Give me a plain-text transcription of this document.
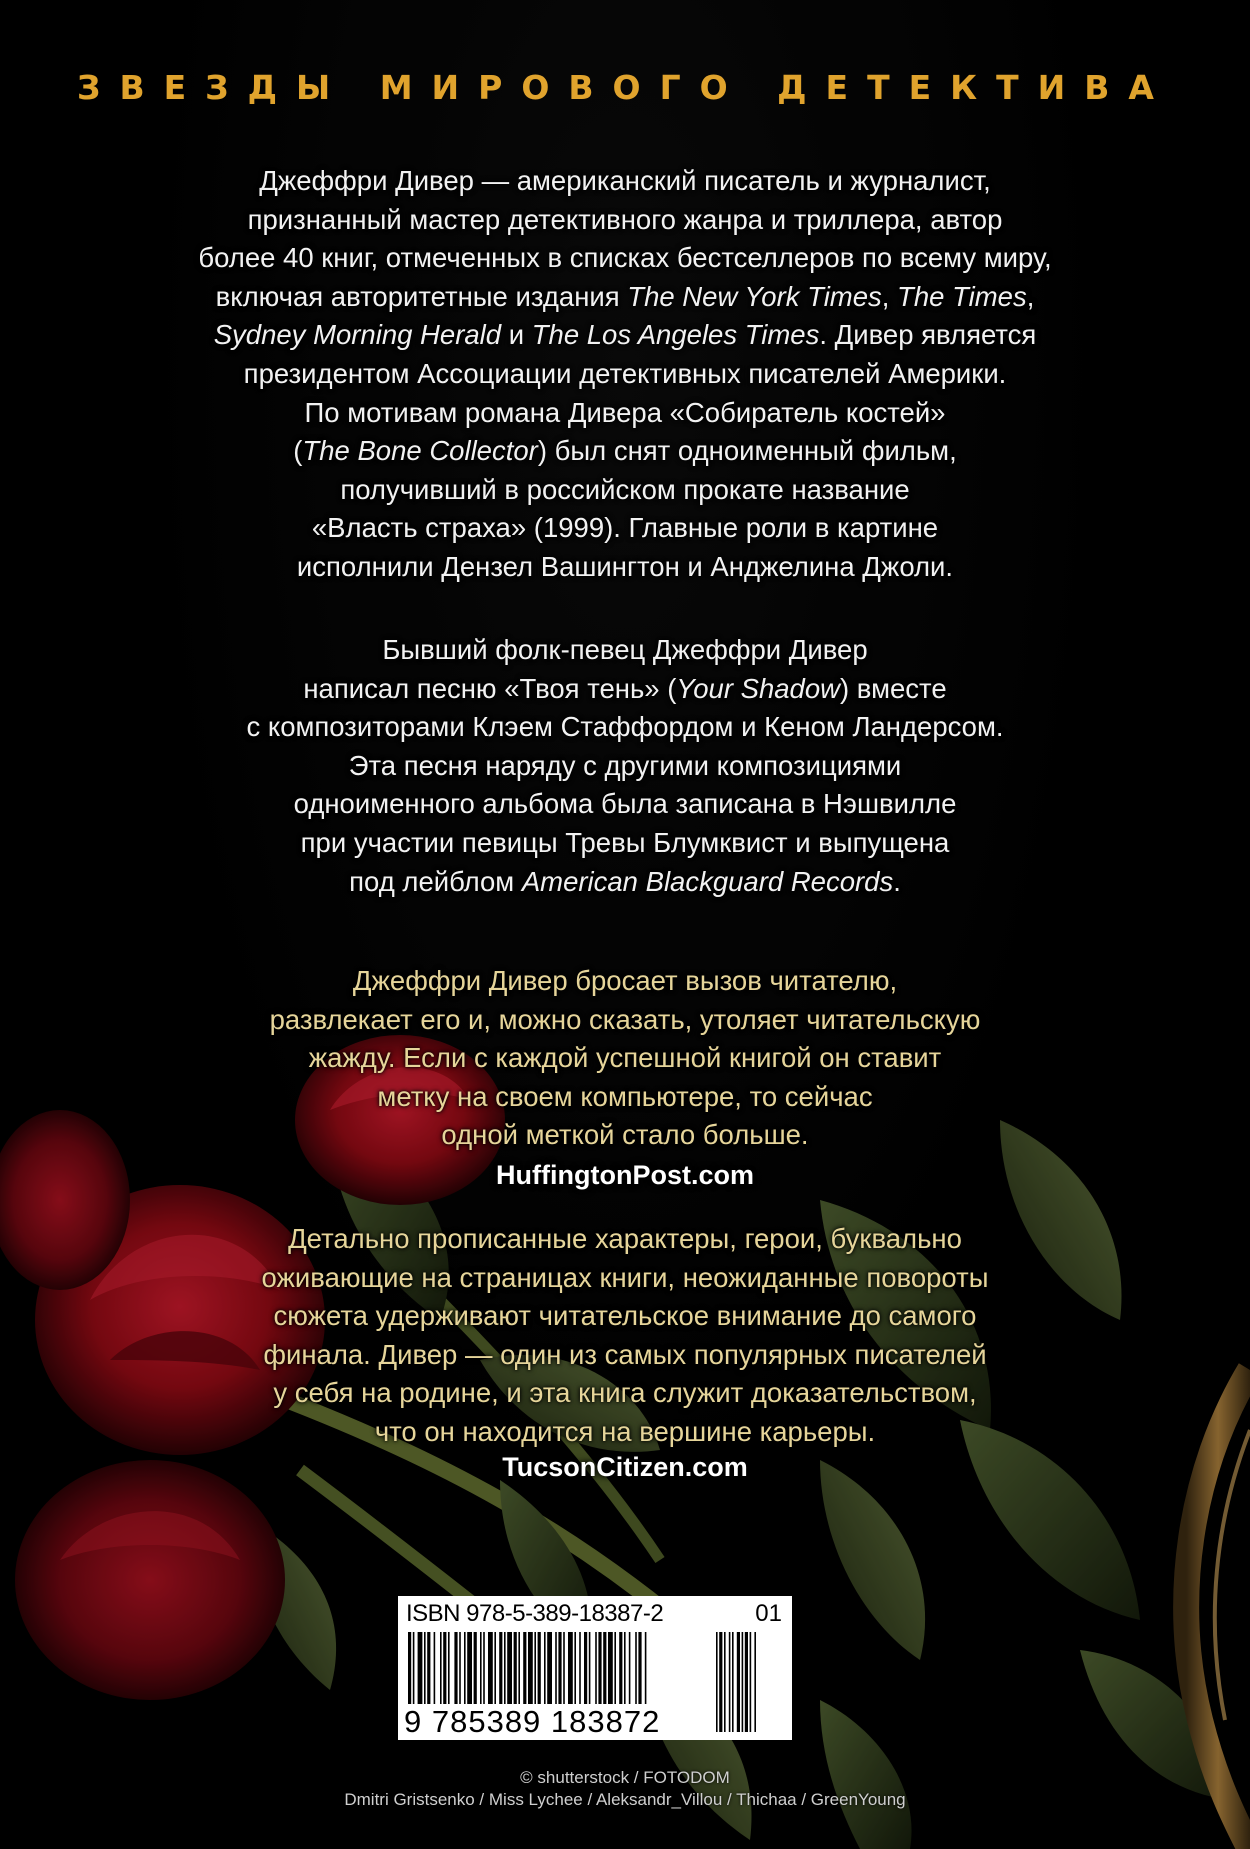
ЗВЕЗДЫ МИРОВОГО ДЕТЕКТИВА
Джеффри Дивер — американский писатель и журналист,
признанный мастер детективного жанра и триллера, автор
более 40 книг, отмеченных в списках бестселлеров по всему миру,
включая авторитетные издания The New York Times, The Times,
Sydney Morning Herald и The Los Angeles Times. Дивер является
президентом Ассоциации детективных писателей Америки.
По мотивам романа Дивера «Собиратель костей»
(The Bone Collector) был снят одноименный фильм,
получивший в российском прокате название
«Власть страха» (1999). Главные роли в картине
исполнили Дензел Вашингтон и Анджелина Джоли.
Бывший фолк-певец Джеффри Дивер
написал песню «Твоя тень» (Your Shadow) вместе
с композиторами Клэем Стаффордом и Кеном Ландерсом.
Эта песня наряду с другими композициями
одноименного альбома была записана в Нэшвилле
при участии певицы Тревы Блумквист и выпущена
под лейблом American Blackguard Records.
Джеффри Дивер бросает вызов читателю,
развлекает его и, можно сказать, утоляет читательскую
жажду. Если с каждой успешной книгой он ставит
метку на своем компьютере, то сейчас
одной меткой стало больше.
HuffingtonPost.com
Детально прописанные характеры, герои, буквально
оживающие на страницах книги, неожиданные повороты
сюжета удерживают читательское внимание до самого
финала. Дивер — один из самых популярных писателей
у себя на родине, и эта книга служит доказательством,
что он находится на вершине карьеры.
TucsonCitizen.com
ISBN 978-5-389-18387-2	01
9 785389 183872
© shutterstock / FOTODOM
Dmitri Gristsenko / Miss Lychee / Aleksandr_Villou / Thichaa / GreenYoung
